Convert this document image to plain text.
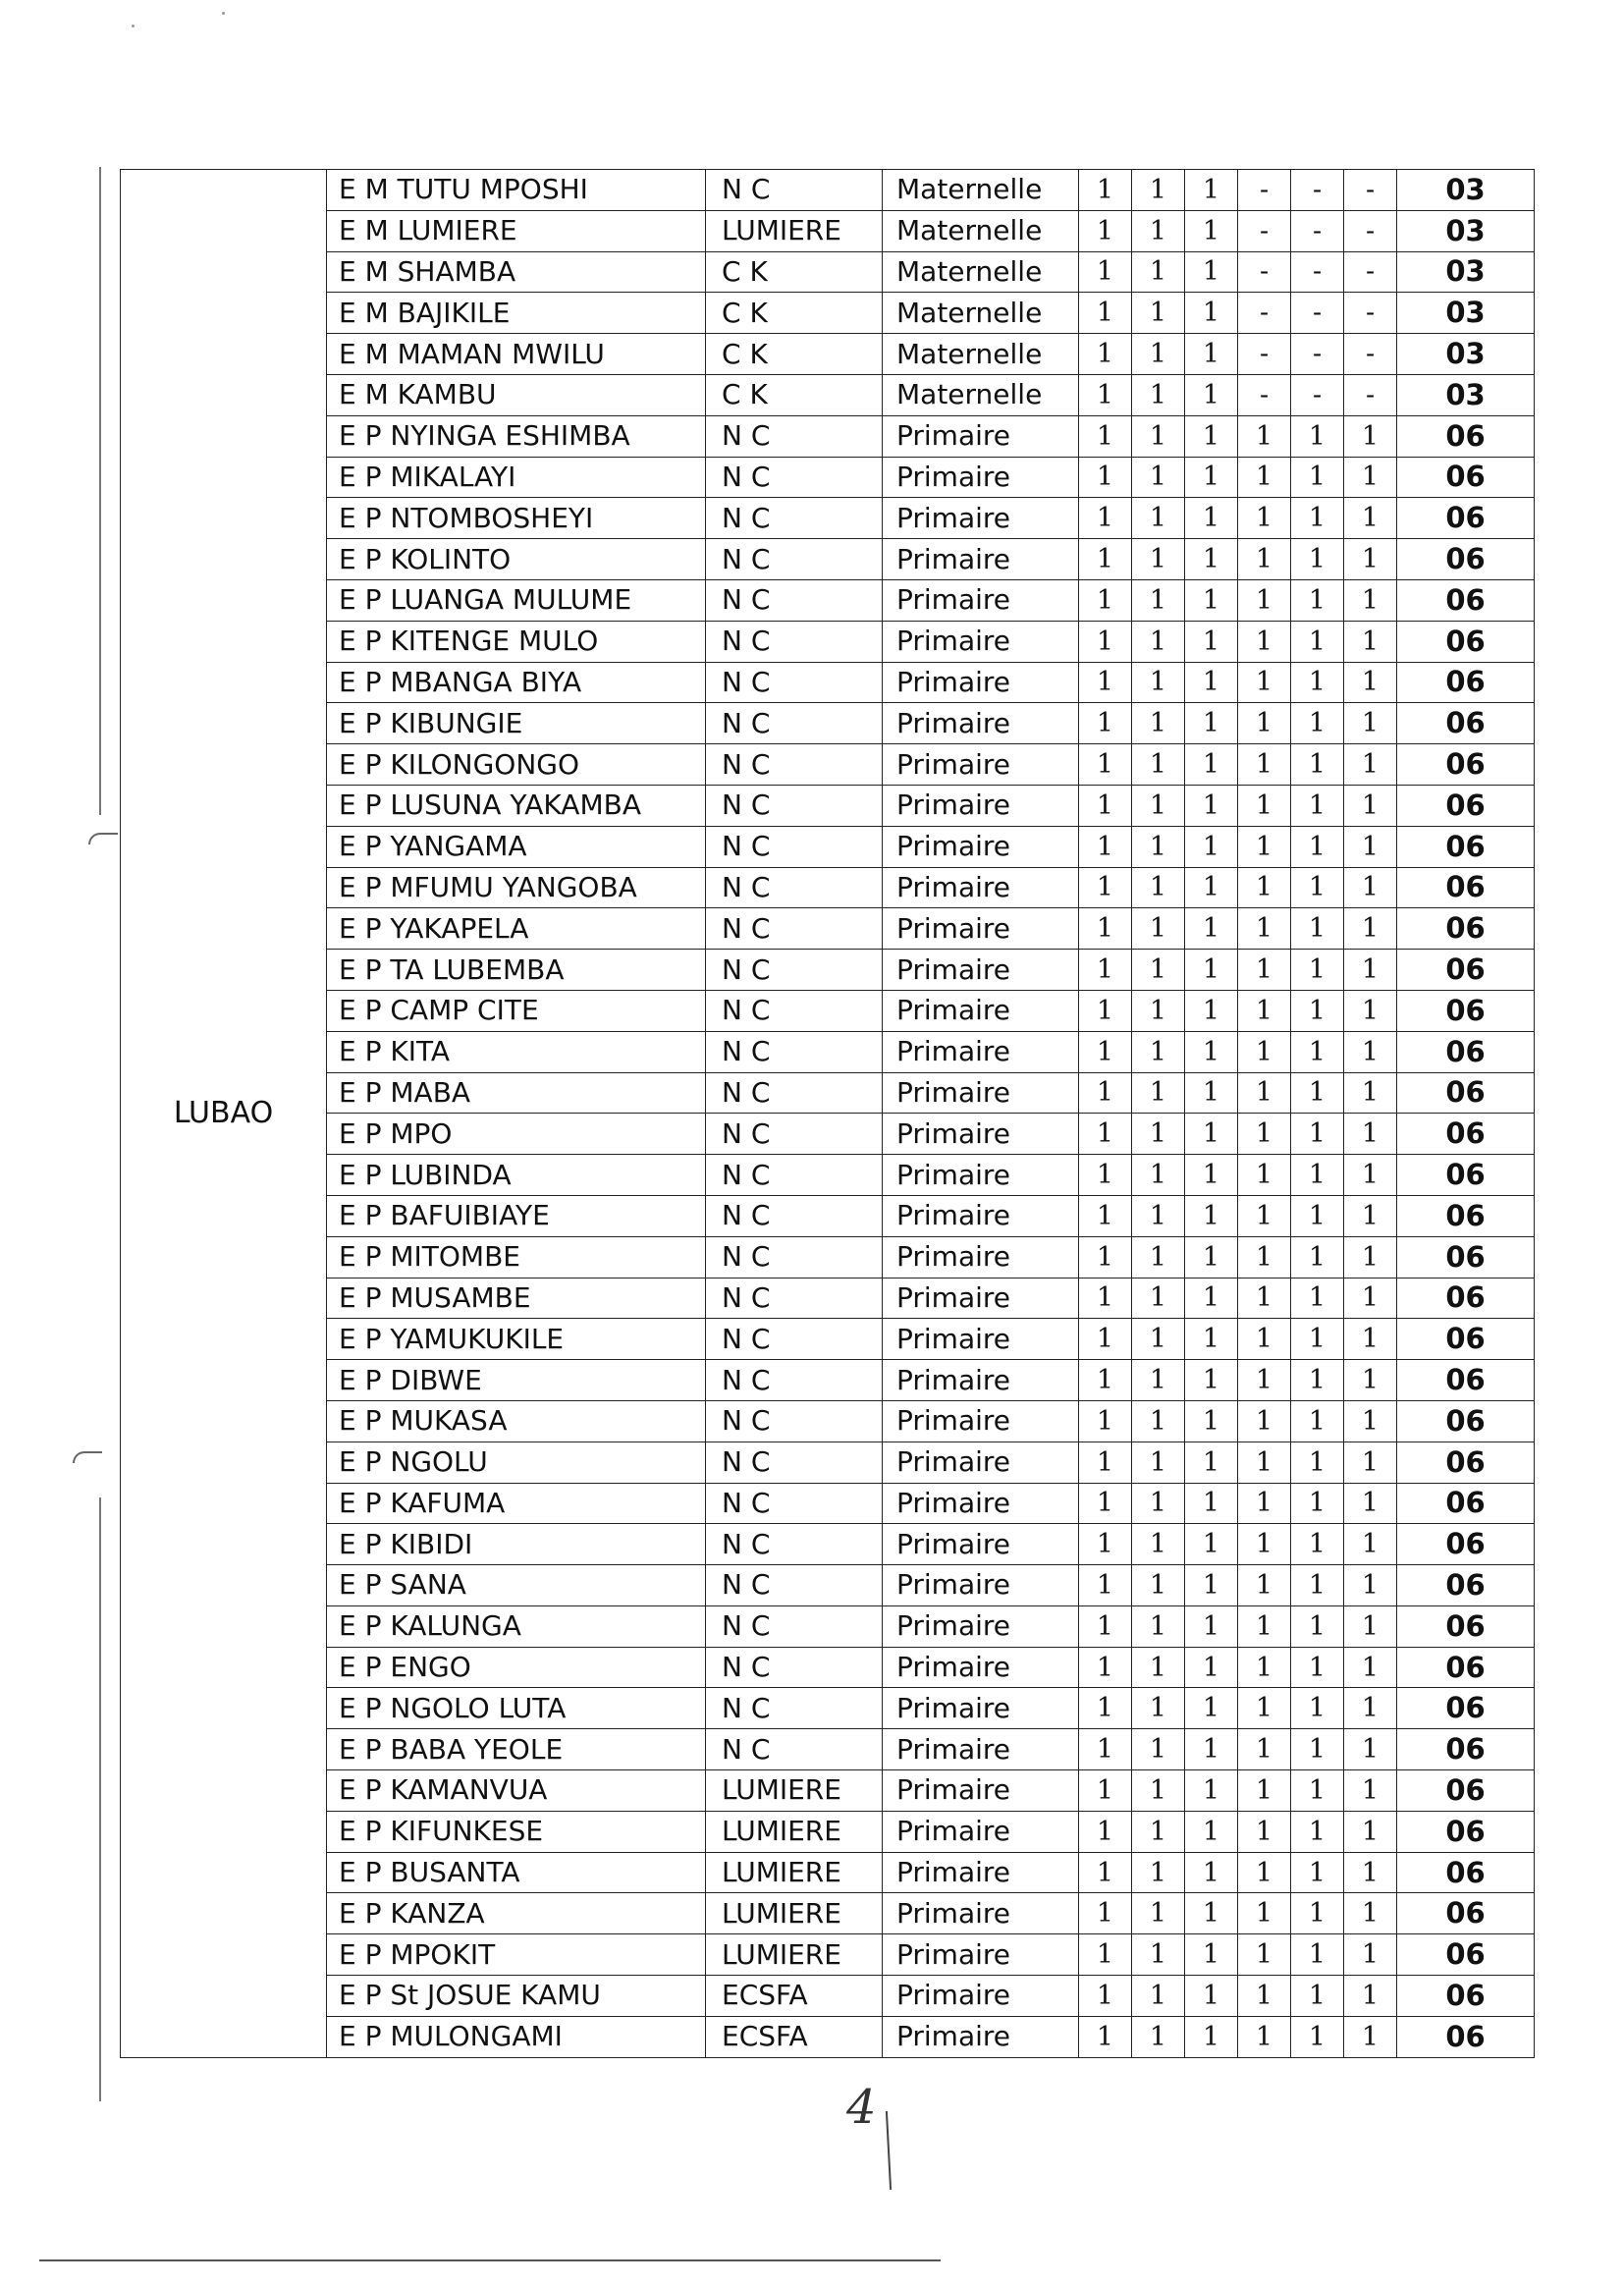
LUBAO	E M TUTU MPOSHI	N C	Maternelle	1	1	1	-	-	-	03
	E M LUMIERE	LUMIERE	Maternelle	1	1	1	-	-	-	03
	E M SHAMBA	C K	Maternelle	1	1	1	-	-	-	03
	E M BAJIKILE	C K	Maternelle	1	1	1	-	-	-	03
	E M MAMAN MWILU	C K	Maternelle	1	1	1	-	-	-	03
	E M KAMBU	C K	Maternelle	1	1	1	-	-	-	03
	E P NYINGA ESHIMBA	N C	Primaire	1	1	1	1	1	1	06
	E P MIKALAYI	N C	Primaire	1	1	1	1	1	1	06
	E P NTOMBOSHEYI	N C	Primaire	1	1	1	1	1	1	06
	E P KOLINTO	N C	Primaire	1	1	1	1	1	1	06
	E P LUANGA MULUME	N C	Primaire	1	1	1	1	1	1	06
	E P KITENGE MULO	N C	Primaire	1	1	1	1	1	1	06
	E P MBANGA BIYA	N C	Primaire	1	1	1	1	1	1	06
	E P KIBUNGIE	N C	Primaire	1	1	1	1	1	1	06
	E P KILONGONGO	N C	Primaire	1	1	1	1	1	1	06
	E P LUSUNA YAKAMBA	N C	Primaire	1	1	1	1	1	1	06
	E P YANGAMA	N C	Primaire	1	1	1	1	1	1	06
	E P MFUMU YANGOBA	N C	Primaire	1	1	1	1	1	1	06
	E P YAKAPELA	N C	Primaire	1	1	1	1	1	1	06
	E P TA LUBEMBA	N C	Primaire	1	1	1	1	1	1	06
	E P CAMP CITE	N C	Primaire	1	1	1	1	1	1	06
	E P KITA	N C	Primaire	1	1	1	1	1	1	06
	E P MABA	N C	Primaire	1	1	1	1	1	1	06
	E P MPO	N C	Primaire	1	1	1	1	1	1	06
	E P LUBINDA	N C	Primaire	1	1	1	1	1	1	06
	E P BAFUIBIAYE	N C	Primaire	1	1	1	1	1	1	06
	E P MITOMBE	N C	Primaire	1	1	1	1	1	1	06
	E P MUSAMBE	N C	Primaire	1	1	1	1	1	1	06
	E P YAMUKUKILE	N C	Primaire	1	1	1	1	1	1	06
	E P DIBWE	N C	Primaire	1	1	1	1	1	1	06
	E P MUKASA	N C	Primaire	1	1	1	1	1	1	06
	E P NGOLU	N C	Primaire	1	1	1	1	1	1	06
	E P KAFUMA	N C	Primaire	1	1	1	1	1	1	06
	E P KIBIDI	N C	Primaire	1	1	1	1	1	1	06
	E P SANA	N C	Primaire	1	1	1	1	1	1	06
	E P KALUNGA	N C	Primaire	1	1	1	1	1	1	06
	E P ENGO	N C	Primaire	1	1	1	1	1	1	06
	E P NGOLO LUTA	N C	Primaire	1	1	1	1	1	1	06
	E P BABA YEOLE	N C	Primaire	1	1	1	1	1	1	06
	E P KAMANVUA	LUMIERE	Primaire	1	1	1	1	1	1	06
	E P KIFUNKESE	LUMIERE	Primaire	1	1	1	1	1	1	06
	E P BUSANTA	LUMIERE	Primaire	1	1	1	1	1	1	06
	E P KANZA	LUMIERE	Primaire	1	1	1	1	1	1	06
	E P MPOKIT	LUMIERE	Primaire	1	1	1	1	1	1	06
	E P St JOSUE KAMU	ECSFA	Primaire	1	1	1	1	1	1	06
	E P MULONGAMI	ECSFA	Primaire	1	1	1	1	1	1	06
4
